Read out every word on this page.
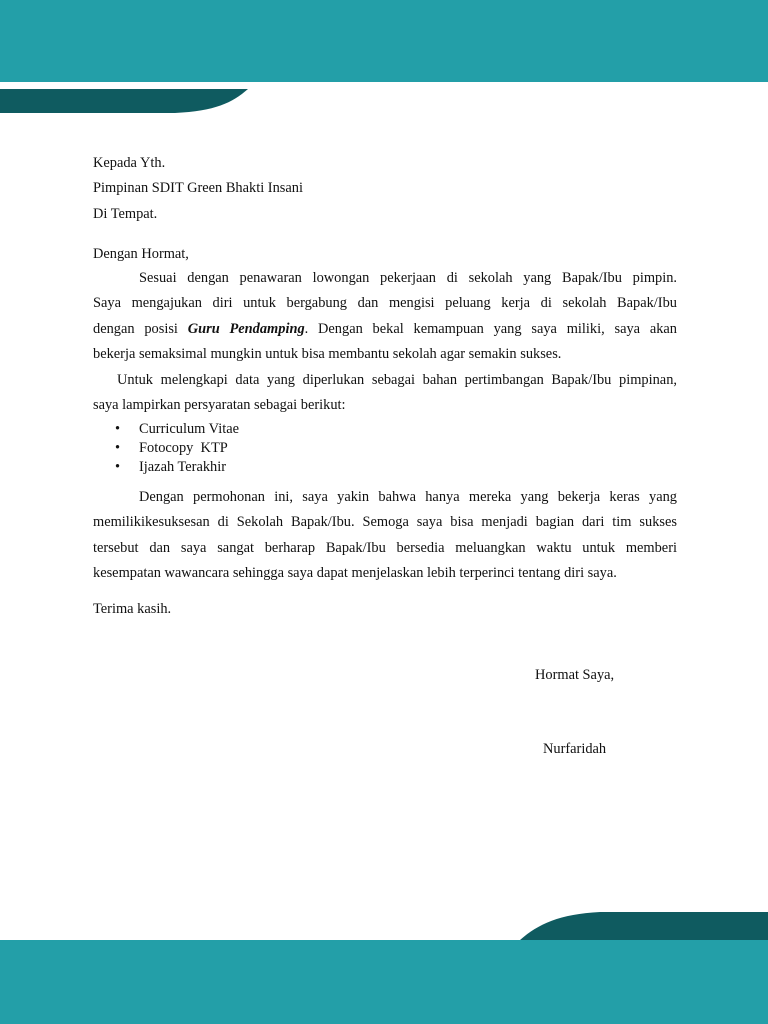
Kepada Yth.
Pimpinan SDIT Green Bhakti Insani
Di Tempat.
Dengan Hormat,
Sesuai dengan penawaran lowongan pekerjaan di sekolah yang Bapak/Ibu pimpin.
Saya mengajukan diri untuk bergabung dan mengisi peluang kerja di sekolah Bapak/Ibu
dengan posisi Guru Pendamping. Dengan bekal kemampuan yang saya miliki, saya akan
bekerja semaksimal mungkin untuk bisa membantu sekolah agar semakin sukses.
Untuk melengkapi data yang diperlukan sebagai bahan pertimbangan Bapak/Ibu pimpinan,
saya lampirkan persyaratan sebagai berikut:
• Curriculum Vitae
• Fotocopy  KTP
• Ijazah Terakhir
Dengan permohonan ini, saya yakin bahwa hanya mereka yang bekerja keras yang
memilikikesuksesan di Sekolah Bapak/Ibu. Semoga saya bisa menjadi bagian dari tim sukses
tersebut dan saya sangat berharap Bapak/Ibu bersedia meluangkan waktu untuk memberi
kesempatan wawancara sehingga saya dapat menjelaskan lebih terperinci tentang diri saya.
Terima kasih.
Hormat Saya,
Nurfaridah
